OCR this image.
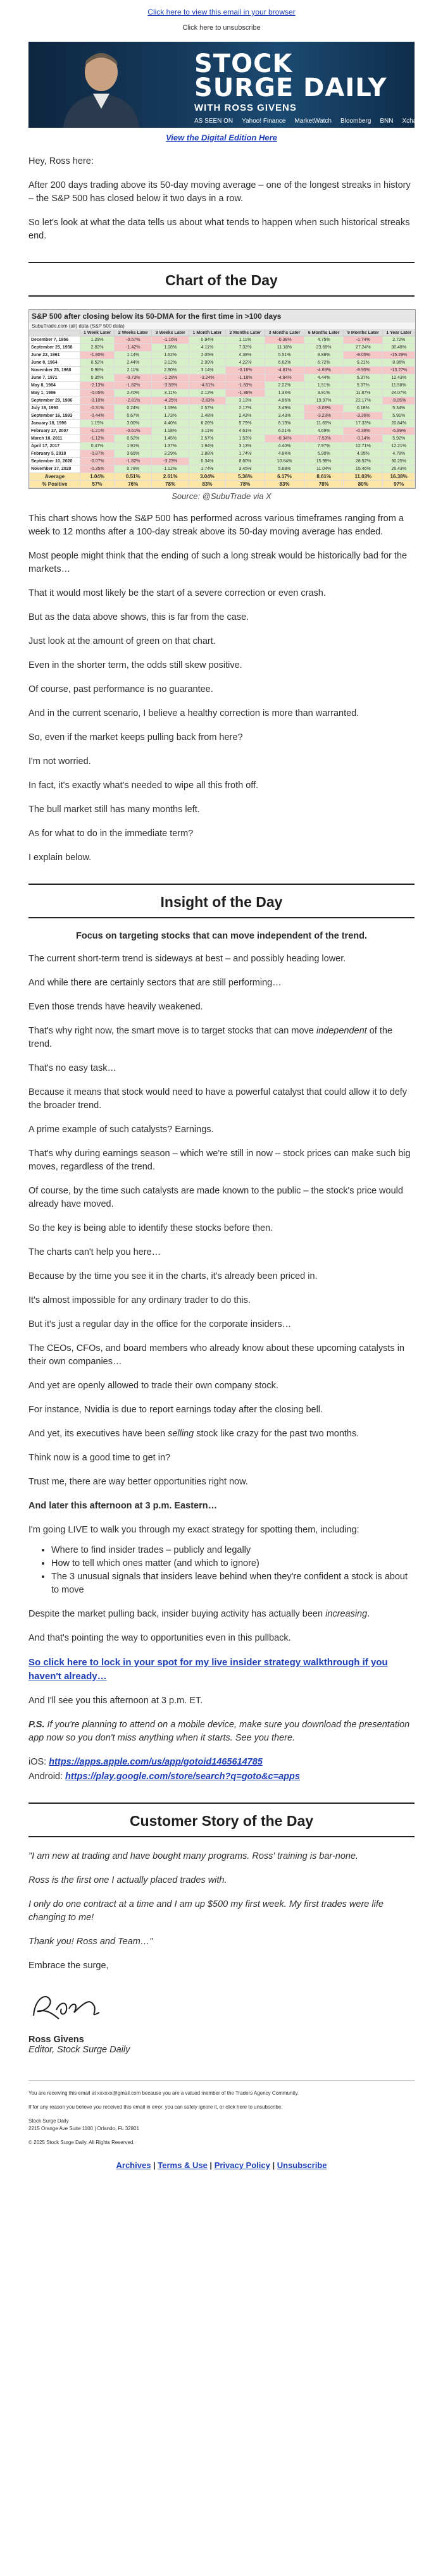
Click here to view this email in your browser
Click here to unsubscribe
STOCK
SURGE DAILY
WITH ROSS GIVENS
AS SEEN ON Yahoo! Finance MarketWatch Bloomberg BNN Xchange
View the Digital Edition Here

Hey, Ross here:

After 200 days trading above its 50-day moving average – one of the longest streaks in history – the S&P 500 has closed below it two days in a row.

So let's look at what the data tells us about what tends to happen when such historical streaks end.

Chart of the Day
S&P 500 after closing below its 50-DMA for the first time in >100 days
SubuTrade.com (all) data (S&P 500 data)
	1 Week Later	2 Weeks Later	3 Weeks Later	1 Month Later	2 Months Later	3 Months Later	6 Months Later	9 Months Later	1 Year Later
December 7, 1956	1.29%	-0.57%	-1.16%	0.94%	1.11%	-0.38%	4.75%	-1.74%	2.72%
September 25, 1958	2.82%	-1.42%	1.08%	4.11%	7.32%	11.18%	23.69%	27.24%	30.48%
June 22, 1961	-1.80%	1.14%	1.62%	2.05%	4.38%	5.51%	8.88%	-8.05%	-15.29%
June 8, 1964	0.52%	2.44%	3.12%	2.99%	4.22%	6.62%	6.72%	9.21%	8.36%
November 25, 1968	0.98%	2.11%	2.90%	3.14%	-0.16%	-4.81%	-4.69%	-8.95%	-13.27%
June 7, 1971	0.35%	-0.73%	-1.28%	-3.24%	-1.18%	-4.84%	4.44%	5.37%	12.43%
May 8, 1984	-2.13%	-1.82%	-3.59%	-4.61%	-1.83%	2.22%	1.51%	5.37%	11.58%
May 1, 1986	-0.05%	2.40%	3.11%	2.12%	-1.36%	1.34%	3.91%	11.87%	24.07%
September 29, 1986	-0.10%	-2.81%	-4.25%	-2.83%	3.13%	4.86%	19.97%	22.17%	-8.05%
July 19, 1993	-0.31%	0.24%	1.19%	2.57%	2.17%	3.49%	-3.03%	0.18%	5.34%
September 16, 1993	-0.44%	0.67%	1.73%	2.48%	2.43%	3.43%	-3.23%	-3.36%	5.91%
January 18, 1996	1.15%	3.00%	4.40%	6.26%	5.79%	8.13%	11.65%	17.33%	20.84%
February 27, 2007	-1.21%	-0.61%	1.18%	3.11%	4.61%	6.01%	4.69%	-0.38%	-5.99%
March 10, 2011	-1.12%	0.52%	1.45%	2.57%	1.53%	-0.34%	-7.53%	-0.14%	5.92%
April 17, 2017	0.47%	1.91%	1.37%	1.94%	3.13%	4.40%	7.97%	12.71%	12.21%
February 5, 2018	-0.87%	3.69%	3.29%	1.88%	1.74%	4.84%	5.90%	4.05%	4.78%
September 10, 2020	-0.07%	-1.82%	-3.23%	0.34%	8.60%	10.84%	15.99%	28.52%	30.25%
November 17, 2020	-0.35%	0.78%	1.12%	1.74%	3.45%	5.68%	11.04%	15.46%	26.43%
Average	1.04%	0.51%	2.61%	3.04%	5.36%	6.17%	8.61%	11.03%	16.38%
% Positive	57%	76%	78%	83%	78%	83%	78%	80%	97%
Source: @SubuTrade via X

This chart shows how the S&P 500 has performed across various timeframes ranging from a week to 12 months after a 100-day streak above its 50-day moving average has ended.

Most people might think that the ending of such a long streak would be historically bad for the markets…

That it would most likely be the start of a severe correction or even crash.

But as the data above shows, this is far from the case.

Just look at the amount of green on that chart.

Even in the shorter term, the odds still skew positive.

Of course, past performance is no guarantee.

And in the current scenario, I believe a healthy correction is more than warranted.

So, even if the market keeps pulling back from here?

I'm not worried.

In fact, it's exactly what's needed to wipe all this froth off.

The bull market still has many months left.

As for what to do in the immediate term?

I explain below.

Insight of the Day
Focus on targeting stocks that can move independent of the trend.

The current short-term trend is sideways at best – and possibly heading lower.

And while there are certainly sectors that are still performing…

Even those trends have heavily weakened.

That's why right now, the smart move is to target stocks that can move independent of the trend.

That's no easy task…

Because it means that stock would need to have a powerful catalyst that could allow it to defy the broader trend.

A prime example of such catalysts? Earnings.

That's why during earnings season – which we're still in now – stock prices can make such big moves, regardless of the trend.

Of course, by the time such catalysts are made known to the public – the stock's price would already have moved.

So the key is being able to identify these stocks before then.

The charts can't help you here…

Because by the time you see it in the charts, it's already been priced in.

It's almost impossible for any ordinary trader to do this.

But it's just a regular day in the office for the corporate insiders…

The CEOs, CFOs, and board members who already know about these upcoming catalysts in their own companies…

And yet are openly allowed to trade their own company stock.

For instance, Nvidia is due to report earnings today after the closing bell.

And yet, its executives have been selling stock like crazy for the past two months.

Think now is a good time to get in?

Trust me, there are way better opportunities right now.

And later this afternoon at 3 p.m. Eastern…

I'm going LIVE to walk you through my exact strategy for spotting them, including:

• Where to find insider trades – publicly and legally
• How to tell which ones matter (and which to ignore)
• The 3 unusual signals that insiders leave behind when they're confident a stock is about to move

Despite the market pulling back, insider buying activity has actually been increasing.

And that's pointing the way to opportunities even in this pullback.

So click here to lock in your spot for my live insider strategy walkthrough if you haven't already…

And I'll see you this afternoon at 3 p.m. ET.

P.S. If you're planning to attend on a mobile device, make sure you download the presentation app now so you don't miss anything when it starts. See you there.

iOS: https://apps.apple.com/us/app/gotoid1465614785

Android: https://play.google.com/store/search?q=goto&c=apps

Customer Story of the Day

"I am new at trading and have bought many programs. Ross' training is bar-none.

Ross is the first one I actually placed trades with.

I only do one contract at a time and I am up $500 my first week. My first trades were life changing to me!

Thank you! Ross and Team…"

Embrace the surge,

Ross Givens
Editor, Stock Surge Daily

You are receiving this email at xxxxxx@gmail.com because you are a valued member of the Traders Agency Community.

If for any reason you believe you received this email in error, you can safely ignore it, or click here to unsubscribe.

Stock Surge Daily
2215 Orange Ave Suite 1100 | Orlando, FL 32801

© 2025 Stock Surge Daily. All Rights Reserved.

Archives | Terms & Use | Privacy Policy | Unsubscribe
